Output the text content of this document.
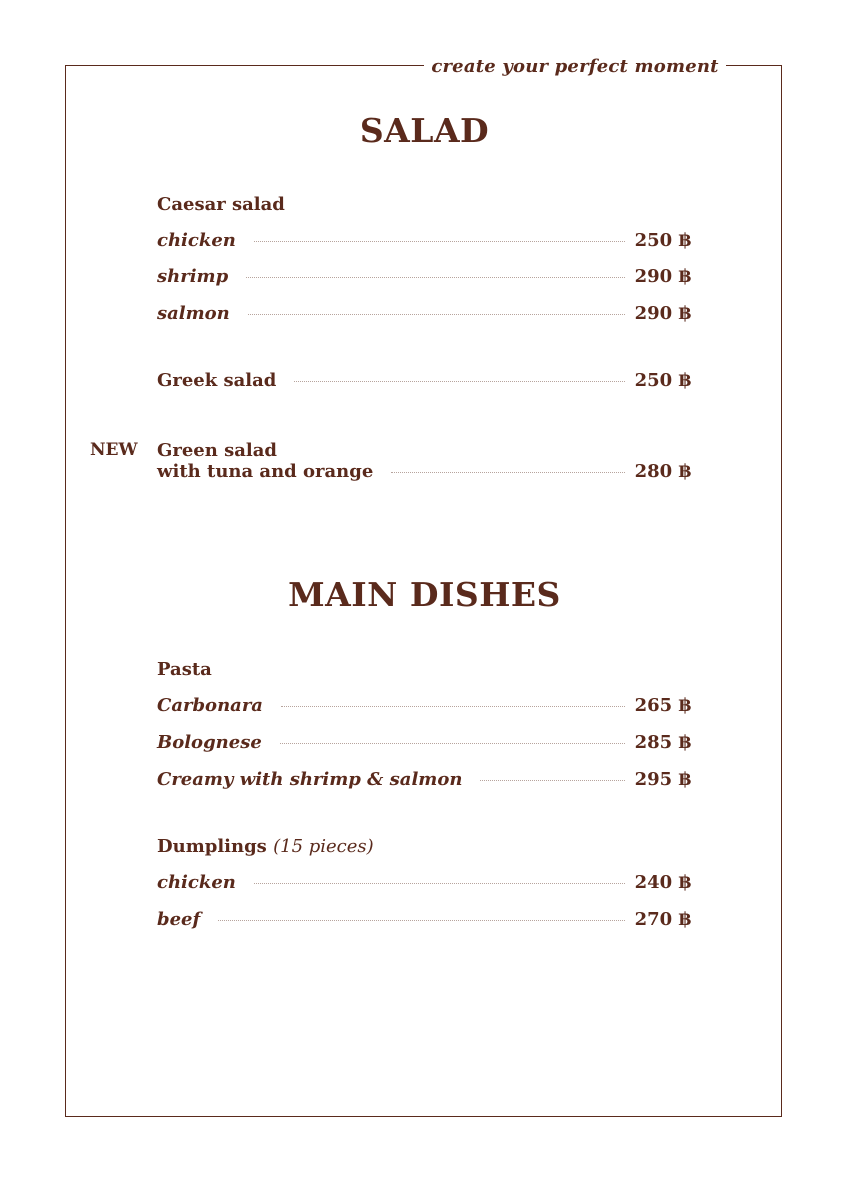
create your perfect moment
SALAD
Caesar salad
chicken	250 ฿
shrimp	290 ฿
salmon	290 ฿
Greek salad	250 ฿
NEW Green salad
with tuna and orange	280 ฿
MAIN DISHES
Pasta
Carbonara	265 ฿
Bolognese	285 ฿
Creamy with shrimp & salmon	295 ฿
Dumplings (15 pieces)
chicken	240 ฿
beef	270 ฿
